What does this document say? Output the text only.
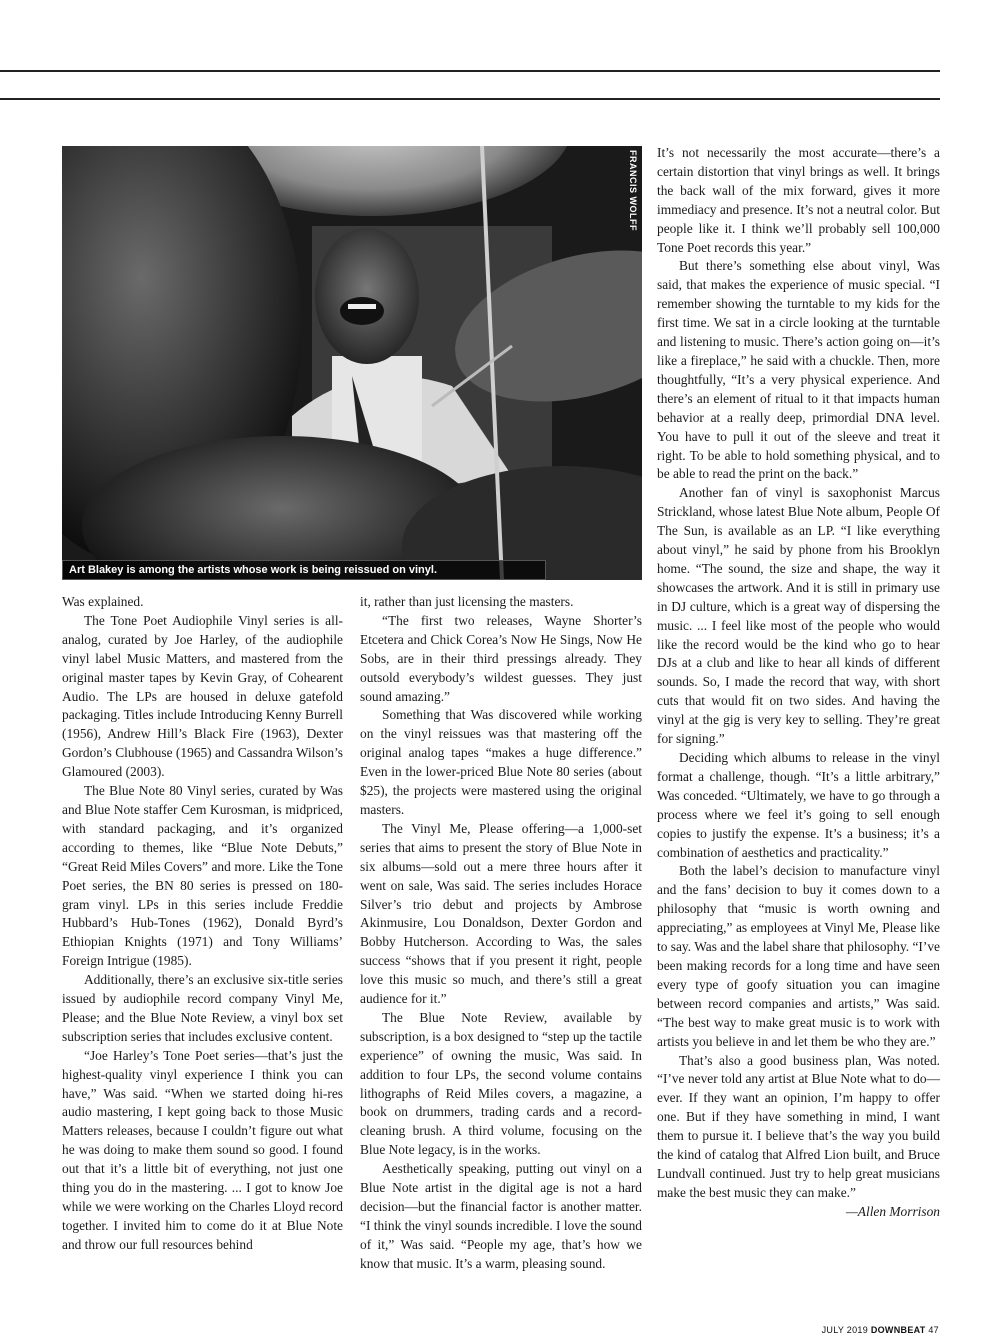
FRANCIS WOLFF
Art Blakey is among the artists whose work is being reissued on vinyl.

Was explained.

The Tone Poet Audiophile Vinyl series is all-analog, curated by Joe Harley, of the audiophile vinyl label Music Matters, and mastered from the original master tapes by Kevin Gray, of Cohearent Audio. The LPs are housed in deluxe gatefold packaging. Titles include Introducing Kenny Burrell (1956), Andrew Hill’s Black Fire (1963), Dexter Gordon’s Clubhouse (1965) and Cassandra Wilson’s Glamoured (2003).

The Blue Note 80 Vinyl series, curated by Was and Blue Note staffer Cem Kurosman, is midpriced, with standard packaging, and it’s organized according to themes, like “Blue Note Debuts,” “Great Reid Miles Covers” and more. Like the Tone Poet series, the BN 80 series is pressed on 180-gram vinyl. LPs in this series include Freddie Hubbard’s Hub-Tones (1962), Donald Byrd’s Ethiopian Knights (1971) and Tony Williams’ Foreign Intrigue (1985).

Additionally, there’s an exclusive six-title series issued by audiophile record company Vinyl Me, Please; and the Blue Note Review, a vinyl box set subscription series that includes exclusive content.

“Joe Harley’s Tone Poet series—that’s just the highest-quality vinyl experience I think you can have,” Was said. “When we started doing hi-res audio mastering, I kept going back to those Music Matters releases, because I couldn’t figure out what he was doing to make them sound so good. I found out that it’s a little bit of everything, not just one thing you do in the mastering. ... I got to know Joe while we were working on the Charles Lloyd record together. I invited him to come do it at Blue Note and throw our full resources behind

it, rather than just licensing the masters.

“The first two releases, Wayne Shorter’s Etcetera and Chick Corea’s Now He Sings, Now He Sobs, are in their third pressings already. They outsold everybody’s wildest guesses. They just sound amazing.”

Something that Was discovered while working on the vinyl reissues was that mastering off the original analog tapes “makes a huge difference.” Even in the lower-priced Blue Note 80 series (about $25), the projects were mastered using the original masters.

The Vinyl Me, Please offering—a 1,000-set series that aims to present the story of Blue Note in six albums—sold out a mere three hours after it went on sale, Was said. The series includes Horace Silver’s trio debut and projects by Ambrose Akinmusire, Lou Donaldson, Dexter Gordon and Bobby Hutcherson. According to Was, the sales success “shows that if you present it right, people love this music so much, and there’s still a great audience for it.”

The Blue Note Review, available by subscription, is a box designed to “step up the tactile experience” of owning the music, Was said. In addition to four LPs, the second volume contains lithographs of Reid Miles covers, a magazine, a book on drummers, trading cards and a record-cleaning brush. A third volume, focusing on the Blue Note legacy, is in the works.

Aesthetically speaking, putting out vinyl on a Blue Note artist in the digital age is not a hard decision—but the financial factor is another matter. “I think the vinyl sounds incredible. I love the sound of it,” Was said. “People my age, that’s how we know that music. It’s a warm, pleasing sound.

It’s not necessarily the most accurate—there’s a certain distortion that vinyl brings as well. It brings the back wall of the mix forward, gives it more immediacy and presence. It’s not a neutral color. But people like it. I think we’ll probably sell 100,000 Tone Poet records this year.”

But there’s something else about vinyl, Was said, that makes the experience of music special. “I remember showing the turntable to my kids for the first time. We sat in a circle looking at the turntable and listening to music. There’s action going on—it’s like a fireplace,” he said with a chuckle. Then, more thoughtfully, “It’s a very physical experience. And there’s an element of ritual to it that impacts human behavior at a really deep, primordial DNA level. You have to pull it out of the sleeve and treat it right. To be able to hold something physical, and to be able to read the print on the back.”

Another fan of vinyl is saxophonist Marcus Strickland, whose latest Blue Note album, People Of The Sun, is available as an LP. “I like everything about vinyl,” he said by phone from his Brooklyn home. “The sound, the size and shape, the way it showcases the artwork. And it is still in primary use in DJ culture, which is a great way of dispersing the music. ... I feel like most of the people who would like the record would be the kind who go to hear DJs at a club and like to hear all kinds of different sounds. So, I made the record that way, with short cuts that would fit on two sides. And having the vinyl at the gig is very key to selling. They’re great for signing.”

Deciding which albums to release in the vinyl format a challenge, though. “It’s a little arbitrary,” Was conceded. “Ultimately, we have to go through a process where we feel it’s going to sell enough copies to justify the expense. It’s a business; it’s a combination of aesthetics and practicality.”

Both the label’s decision to manufacture vinyl and the fans’ decision to buy it comes down to a philosophy that “music is worth owning and appreciating,” as employees at Vinyl Me, Please like to say. Was and the label share that philosophy. “I’ve been making records for a long time and have seen every type of goofy situation you can imagine between record companies and artists,” Was said. “The best way to make great music is to work with artists you believe in and let them be who they are.”

That’s also a good business plan, Was noted. “I’ve never told any artist at Blue Note what to do—ever. If they want an opinion, I’m happy to offer one. But if they have something in mind, I want them to pursue it. I believe that’s the way you build the kind of catalog that Alfred Lion built, and Bruce Lundvall continued. Just try to help great musicians make the best music they can make.”

—Allen Morrison
JULY 2019 DOWNBEAT 47
